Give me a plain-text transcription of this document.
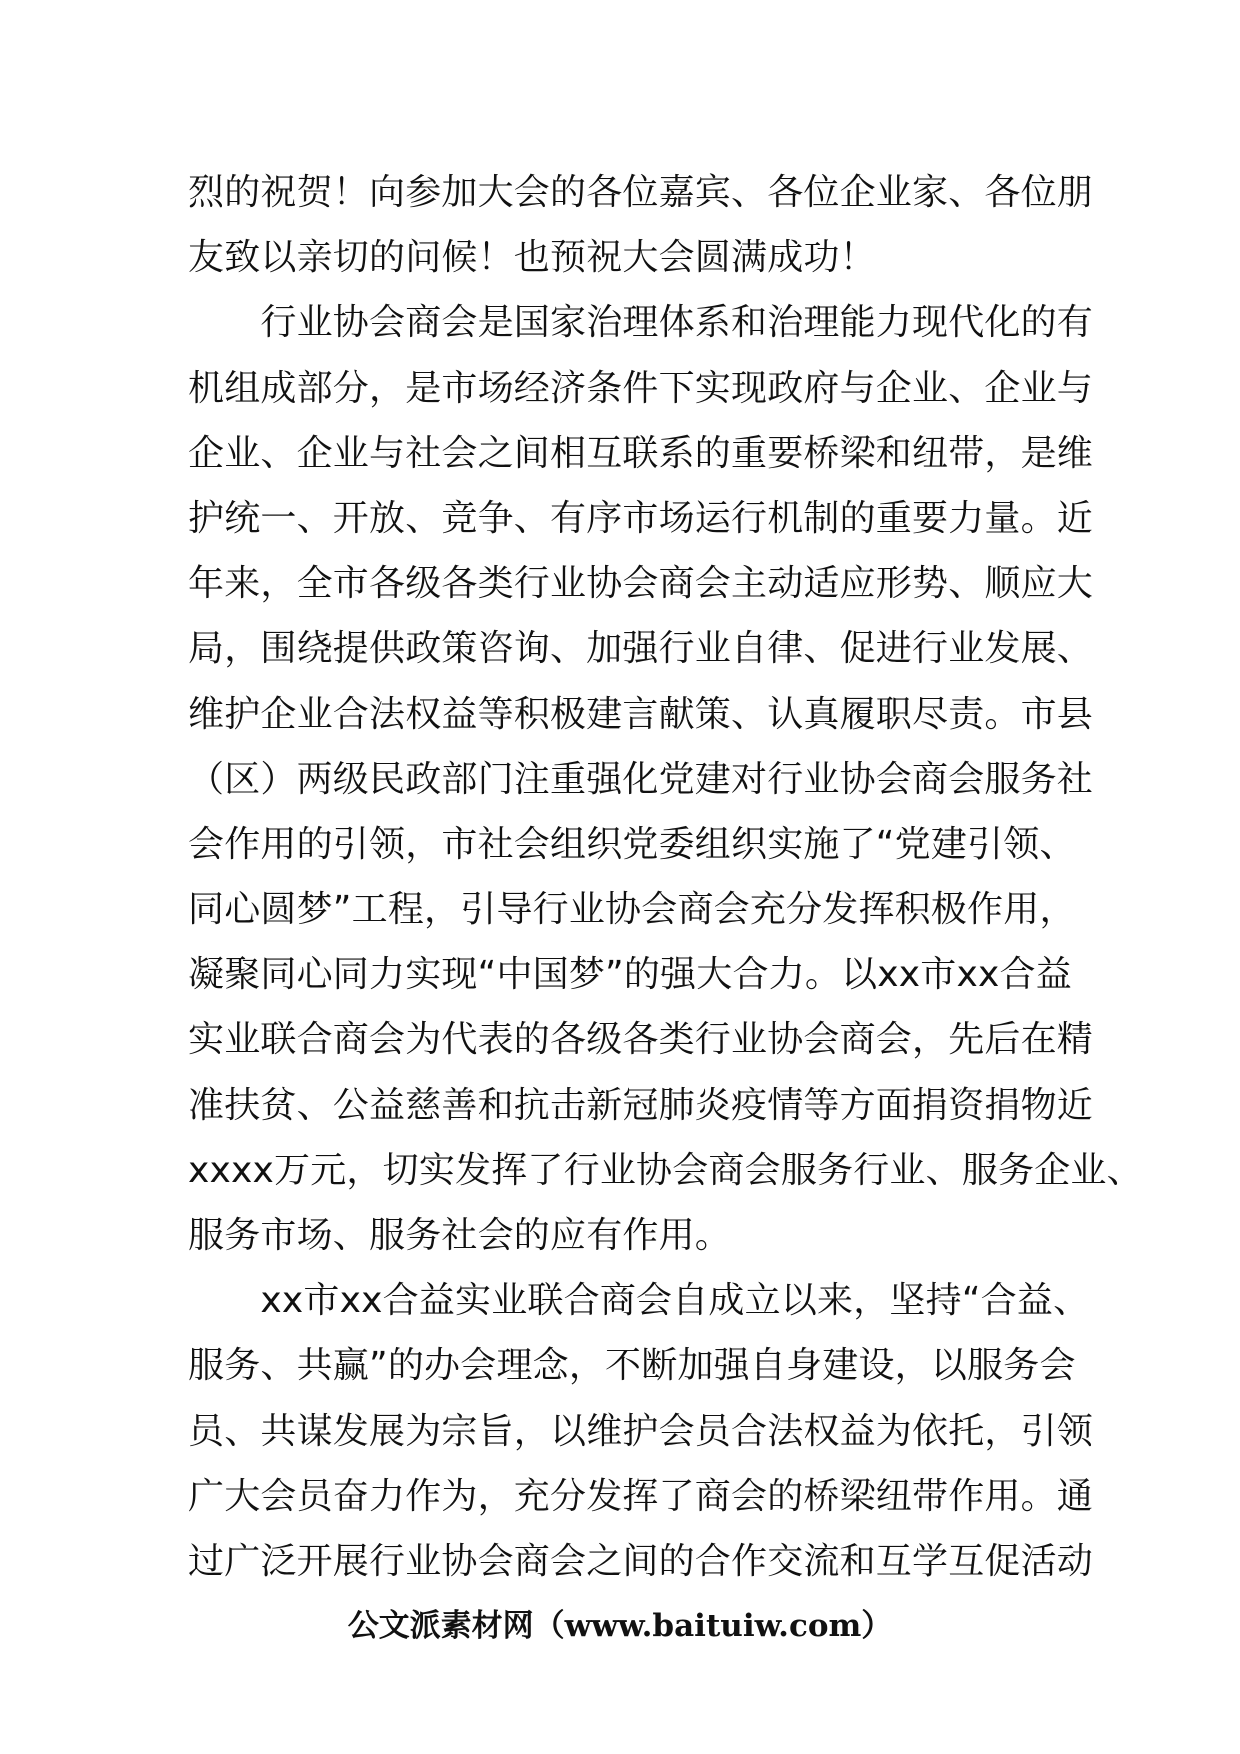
烈的祝贺！向参加大会的各位嘉宾、各位企业家、各位朋
友致以亲切的问候！也预祝大会圆满成功！
　　行业协会商会是国家治理体系和治理能力现代化的有
机组成部分，是市场经济条件下实现政府与企业、企业与
企业、企业与社会之间相互联系的重要桥梁和纽带，是维
护统一、开放、竞争、有序市场运行机制的重要力量。近
年来，全市各级各类行业协会商会主动适应形势、顺应大
局，围绕提供政策咨询、加强行业自律、促进行业发展、
维护企业合法权益等积极建言献策、认真履职尽责。市县
（区）两级民政部门注重强化党建对行业协会商会服务社
会作用的引领，市社会组织党委组织实施了“党建引领、
同心圆梦”工程，引导行业协会商会充分发挥积极作用，
凝聚同心同力实现“中国梦”的强大合力。以xx市xx合益
实业联合商会为代表的各级各类行业协会商会，先后在精
准扶贫、公益慈善和抗击新冠肺炎疫情等方面捐资捐物近
xxxx万元，切实发挥了行业协会商会服务行业、服务企业、
服务市场、服务社会的应有作用。
　　xx市xx合益实业联合商会自成立以来，坚持“合益、
服务、共赢”的办会理念，不断加强自身建设，以服务会
员、共谋发展为宗旨，以维护会员合法权益为依托，引领
广大会员奋力作为，充分发挥了商会的桥梁纽带作用。通
过广泛开展行业协会商会之间的合作交流和互学互促活动
公文派素材网（www.baituiw.com）
